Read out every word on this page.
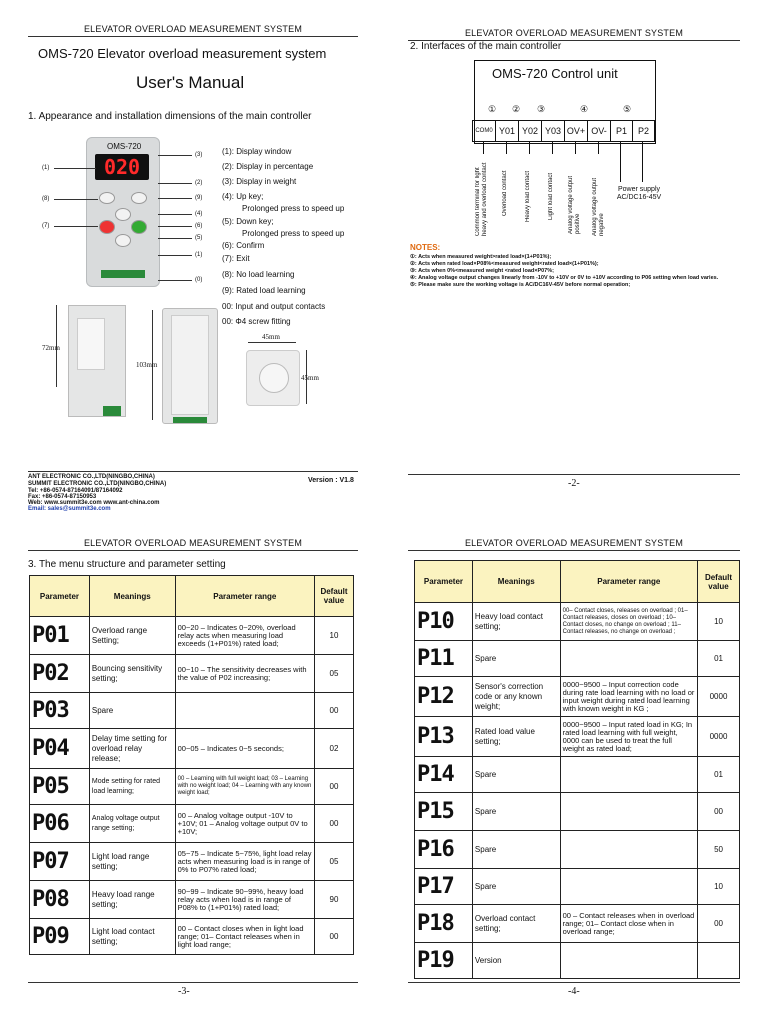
ELEVATOR OVERLOAD MEASUREMENT SYSTEM
OMS-720 Elevator overload measurement system
User's Manual
1. Appearance and installation dimensions of the main controller
OMS-720
020
(1)
(8)
(7)
(3)
(2)
(9)
(4)
(6)
(5)
(1)
(0)
(1): Display window
(2): Display in percentage
(3): Display in weight
(4): Up key;
Prolonged press to speed up
(5): Down key;
Prolonged press to speed up
(6): Confirm
(7): Exit
(8): No load learning
(9): Rated load learning
00: Input and output contacts
00: Φ4 screw fitting
72mm
103mm
45mm
45mm
ANT ELECTRONIC CO.,LTD(NINGBO,CHINA)
SUMMIT ELECTRONIC CO.,LTD(NINGBO,CHINA)
Tel: +86-0574-87164091/87164092
Fax: +86-0574-87150953
Web: www.summit3e.com www.ant-china.com
Email: sales@summit3e.com
Version : V1.8
ELEVATOR OVERLOAD MEASUREMENT SYSTEM
2. Interfaces of the main controller
OMS-720 Control unit
① ② ③	④	⑤
COM0 Y01 Y02 Y03 OV+ OV-	P1	P2
Common terminal for light heavy and overload contact Overload contact	Heavy load contact	Light load contact Analog voltage output positive Analog voltage output negative
Power supply AC/DC16-45V
NOTES:
①: Acts when measured weight>rated load×(1+P01%);
②: Acts when rated load×P08%<measured weight<rated load×(1+P01%);
③: Acts when 0%<measured weight <rated load×P07%;
④: Analog voltage output changes linearly from -10V to +10V or 0V to +10V according to P06 setting when load varies.
⑤: Please make sure the working voltage is AC/DC16V-45V before normal operation;
-2-
ELEVATOR OVERLOAD MEASUREMENT SYSTEM
3. The menu structure and parameter setting
Parameter	Meanings	Parameter range	Default value
P01	Overload range Setting;	00~20 – Indicates 0~20%, overload relay acts when measuring load exceeds (1+P01%) rated load;	10
P02	Bouncing sensitivity setting;	00~10 – The sensitivity decreases with the value of P02 increasing;	05
P03	Spare		00
P04	Delay time setting for overload relay release;	00~05 – Indicates 0~5 seconds;	02
P05	Mode setting for rated load learning;	00 – Learning with full weight load; 03 – Learning with no weight load; 04 – Learning with any known weight load;	00
P06	Analog voltage output range setting;	00 – Analog voltage output -10V to +10V; 01 – Analog voltage output 0V to +10V;	00
P07	Light load range setting;	05~75 – Indicate 5~75%, light load relay acts when measuring load is in range of 0% to P07% rated load;	05
P08	Heavy load range setting;	90~99 – Indicate 90~99%, heavy load relay acts when load is in range of P08% to (1+P01%) rated load;	90
P09	Light load contact setting;	00 – Contact closes when in light load range; 01– Contact releases when in light load range;	00
-3-
ELEVATOR OVERLOAD MEASUREMENT SYSTEM
Parameter	Meanings	Parameter range	Default value
P10	Heavy load contact setting;	00– Contact closes, releases on overload ; 01– Contact releases, closes on overload ; 10– Contact closes, no change on overload ; 11– Contact releases, no change on overload ;	10
P11	Spare		01
P12	Sensor's correction code or any known weight;	0000~9500 – Input correction code during rate load learning with no load or input weight during rated load learning with known weight in KG ;	0000
P13	Rated load value setting;	0000~9500 – Input rated load in KG; In rated load learning with full weight, 0000 can be used to treat the full weight as rated load;	0000
P14	Spare		01
P15	Spare		00
P16	Spare		50
P17	Spare		10
P18	Overload contact setting;	00 – Contact releases when in overload range; 01– Contact close when in overload range;	00
P19	Version		
-4-
